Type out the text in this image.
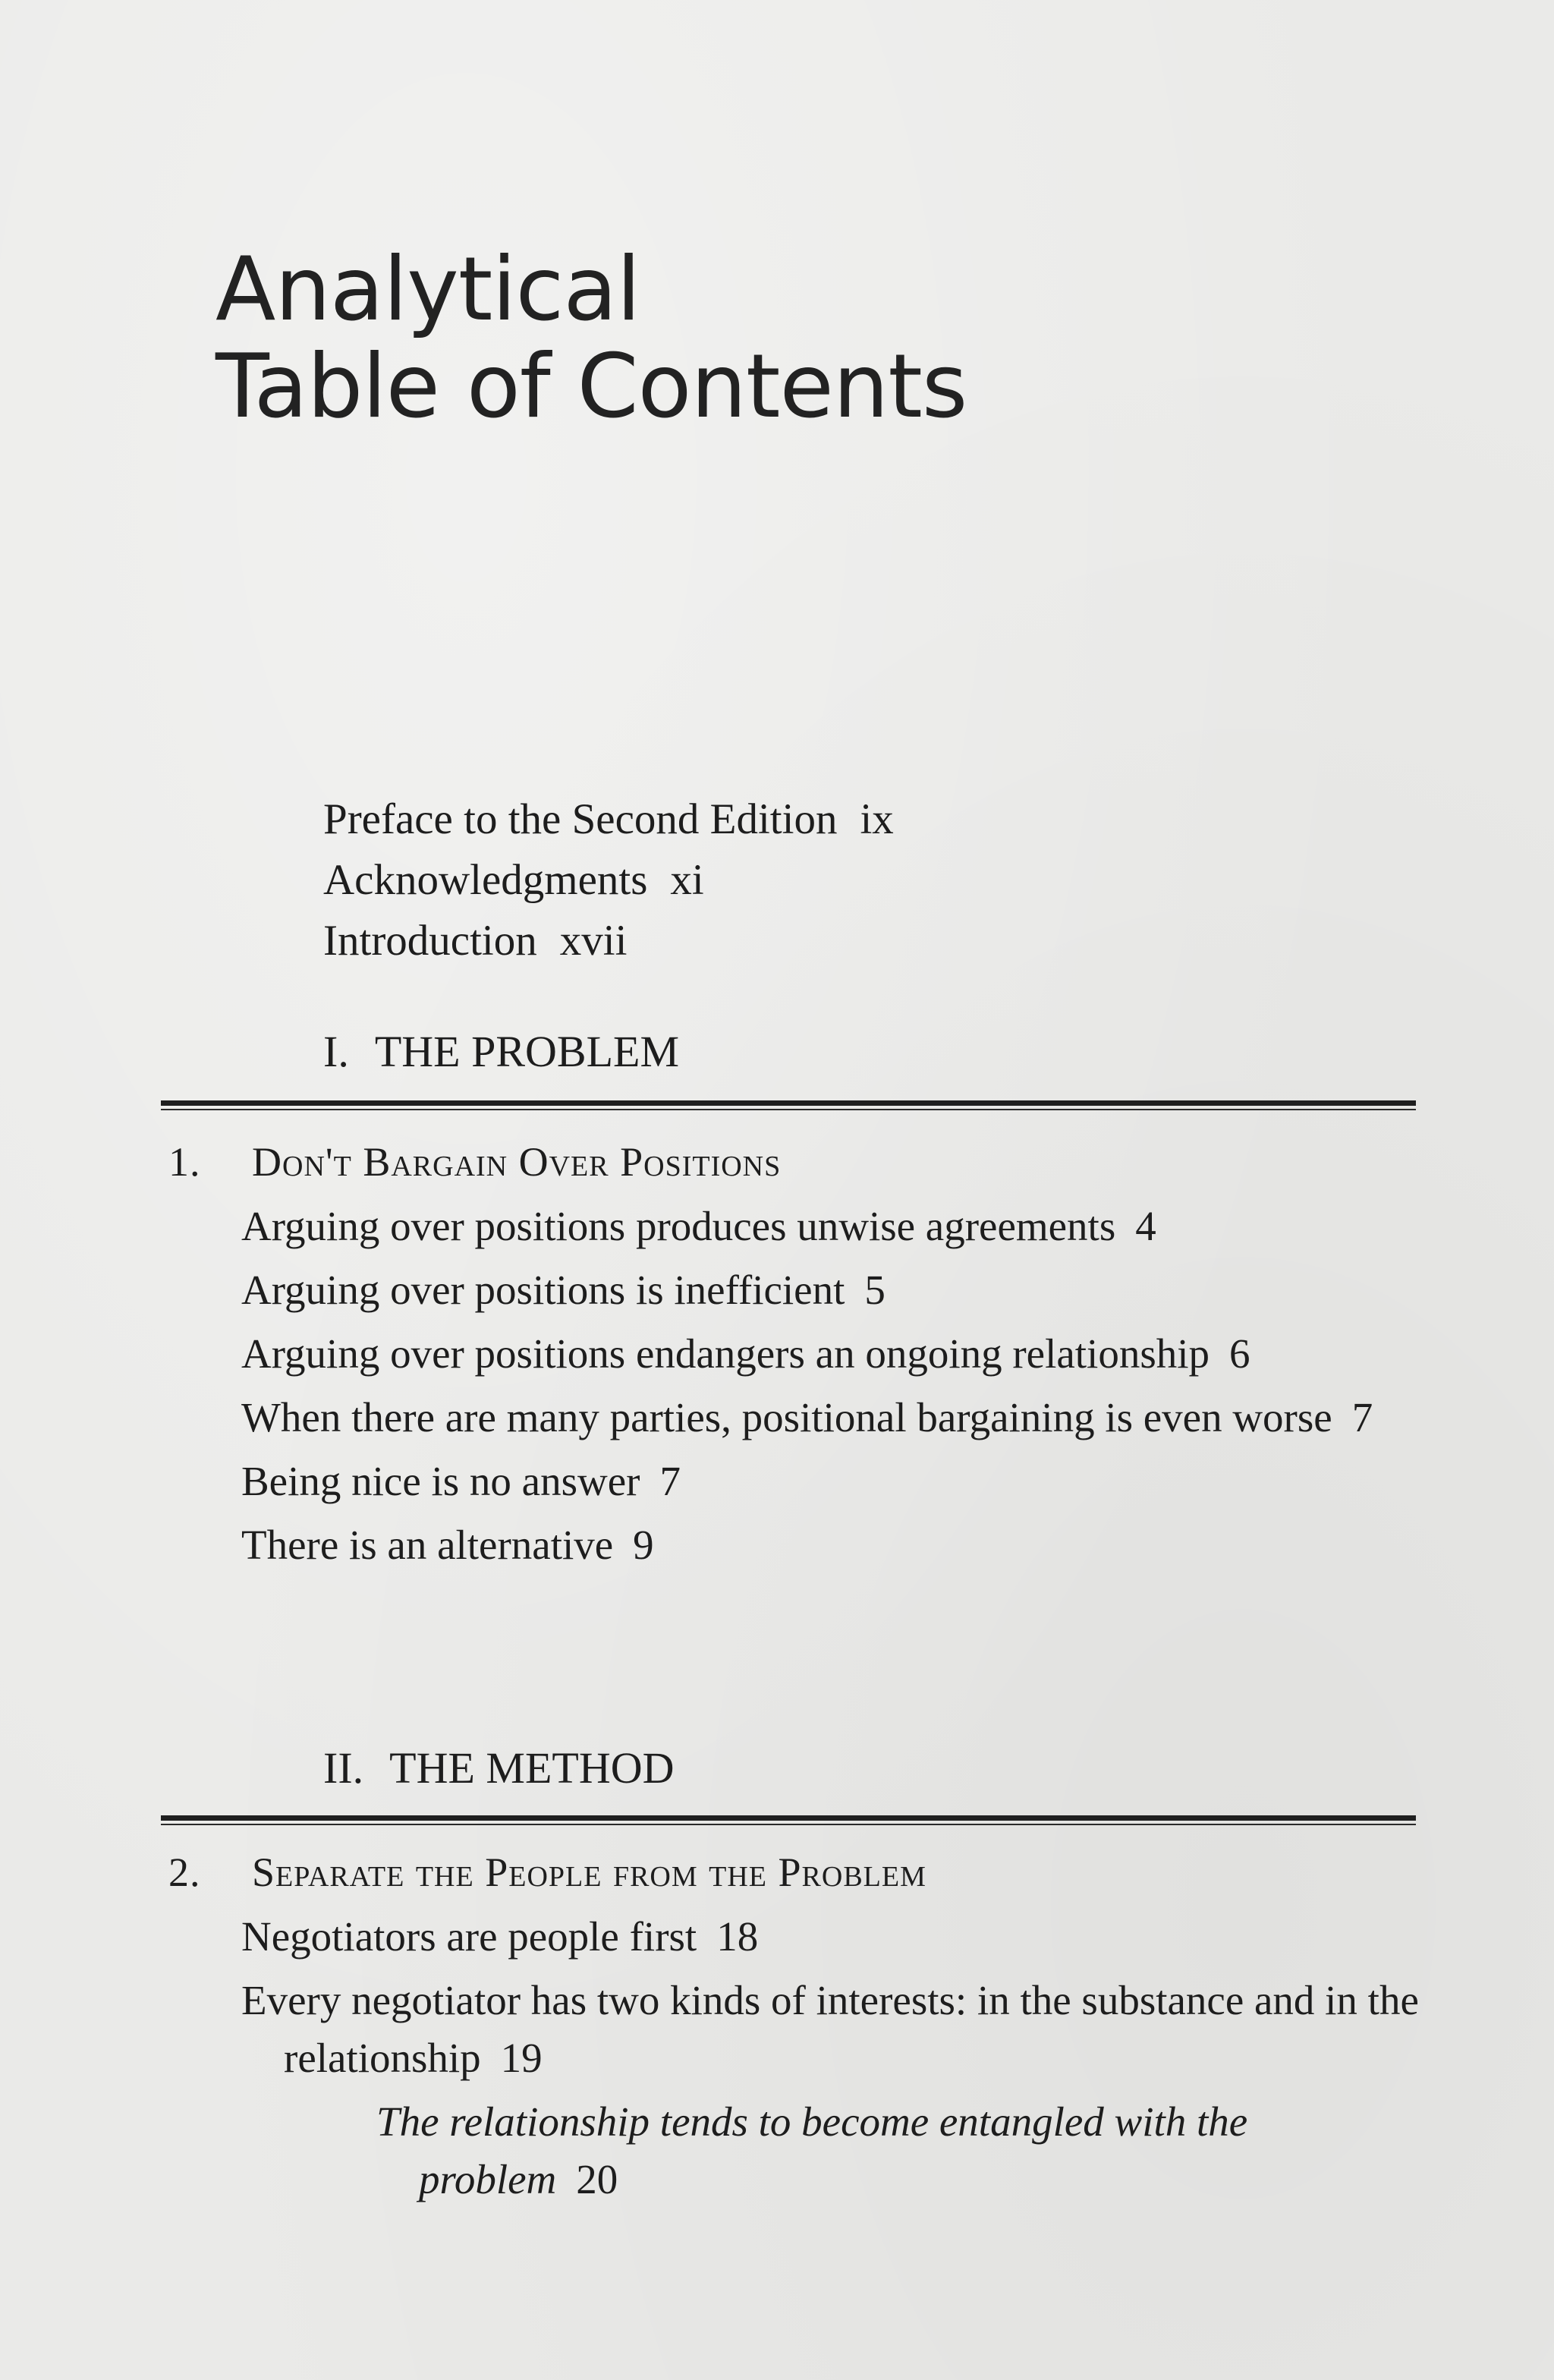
Analytical
Table of Contents
Preface to the Second Edition ix
Acknowledgments xi
Introduction xvii
I. THE PROBLEM
1. Don't Bargain Over Positions
Arguing over positions produces unwise agreements 4
Arguing over positions is inefficient 5
Arguing over positions endangers an ongoing relationship 6
When there are many parties, positional bargaining is even worse 7
Being nice is no answer 7
There is an alternative 9
II. THE METHOD
2. Separate the People from the Problem
Negotiators are people first 18
Every negotiator has two kinds of interests: in the substance and in the relationship 19
The relationship tends to become entangled with the problem 20
